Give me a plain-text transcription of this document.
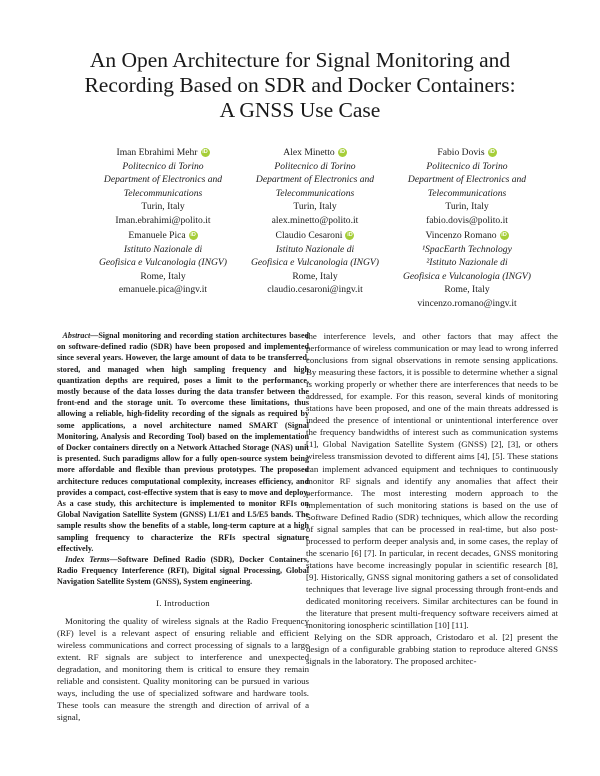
An Open Architecture for Signal Monitoring and
Recording Based on SDR and Docker Containers:
A GNSS Use Case
Iman Ebrahimi Mehr iD
Politecnico di Torino
Department of Electronics and
Telecommunications
Turin, Italy
Iman.ebrahimi@polito.it
Alex Minetto iD
Politecnico di Torino
Department of Electronics and
Telecommunications
Turin, Italy
alex.minetto@polito.it
Fabio Dovis iD
Politecnico di Torino
Department of Electronics and
Telecommunications
Turin, Italy
fabio.dovis@polito.it
Emanuele Pica iD
Istituto Nazionale di
Geofisica e Vulcanologia (INGV)
Rome, Italy
emanuele.pica@ingv.it
Claudio Cesaroni iD
Istituto Nazionale di
Geofisica e Vulcanologia (INGV)
Rome, Italy
claudio.cesaroni@ingv.it
Vincenzo Romano iD
¹SpacEarth Technology
²Istituto Nazionale di
Geofisica e Vulcanologia (INGV)
Rome, Italy
vincenzo.romano@ingv.it
Abstract—Signal monitoring and recording station architectures based on software-defined radio (SDR) have been proposed and implemented since several years. However, the large amount of data to be transferred, stored, and managed when high sampling frequency and high quantization depths are required, poses a limit to the performance, mostly because of the data losses during the data transfer between the front-end and the storage unit. To overcome these limitations, thus allowing a reliable, high-fidelity recording of the signals as required by some applications, a novel architecture named SMART (Signal Monitoring, Analysis and Recording Tool) based on the implementation of Docker containers directly on a Network Attached Storage (NAS) unit is presented. Such paradigms allow for a fully open-source system being more affordable and flexible than previous prototypes. The proposed architecture reduces computational complexity, increases efficiency, and provides a compact, cost-effective system that is easy to move and deploy. As a case study, this architecture is implemented to monitor RFIs on Global Navigation Satellite System (GNSS) L1/E1 and L5/E5 bands. The sample results show the benefits of a stable, long-term capture at a high sampling frequency to characterize the RFIs spectral signature effectively.
Index Terms—Software Defined Radio (SDR), Docker Containers, Radio Frequency Interference (RFI), Digital signal Processing, Global Navigation Satellite System (GNSS), System engineering.
I. Introduction

Monitoring the quality of wireless signals at the Radio Frequency (RF) level is a relevant aspect of ensuring reliable and efficient wireless communications and correct processing of signals to a large extent. RF signals are subject to interference and unexpected degradation, and monitoring them is critical to ensure they remain reliable and consistent. Quality monitoring can be pursued in various ways, including the use of specialized software and hardware tools. These tools can measure the strength and direction of arrival of a signal,

the interference levels, and other factors that may affect the performance of wireless communication or may lead to wrong inferred conclusions from signal observations in remote sensing applications. By measuring these factors, it is possible to determine whether a signal is working properly or whether there are interferences that needs to be addressed, for example. For this reason, several kinds of monitoring stations have been proposed, and one of the main threats addressed is indeed the presence of intentional or unintentional interference over the frequency bandwidths of interest such as communication systems [1], Global Navigation Satellite System (GNSS) [2], [3], or others wireless transmission devoted to different aims [4], [5]. These stations can implement advanced equipment and techniques to continuously monitor RF signals and identify any anomalies that affect their performance. The most interesting modern approach to the implementation of such monitoring stations is based on the use of Software Defined Radio (SDR) techniques, which allow the recording of signal samples that can be processed in real-time, but also post-processed to perform deeper analysis and, in some cases, the replay of the scenario [6] [7]. In particular, in recent decades, GNSS monitoring stations have become increasingly popular in scientific research [8], [9]. Historically, GNSS signal monitoring gathers a set of consolidated techniques that leverage live signal processing through front-ends and dedicated monitoring receivers. Similar architectures can be found in the literature that present multi-frequency software receivers aimed at monitoring ionospheric scintillation [10] [11].

Relying on the SDR approach, Cristodaro et al. [2] present the design of a configurable grabbing station to reproduce altered GNSS signals in the laboratory. The proposed architec-
